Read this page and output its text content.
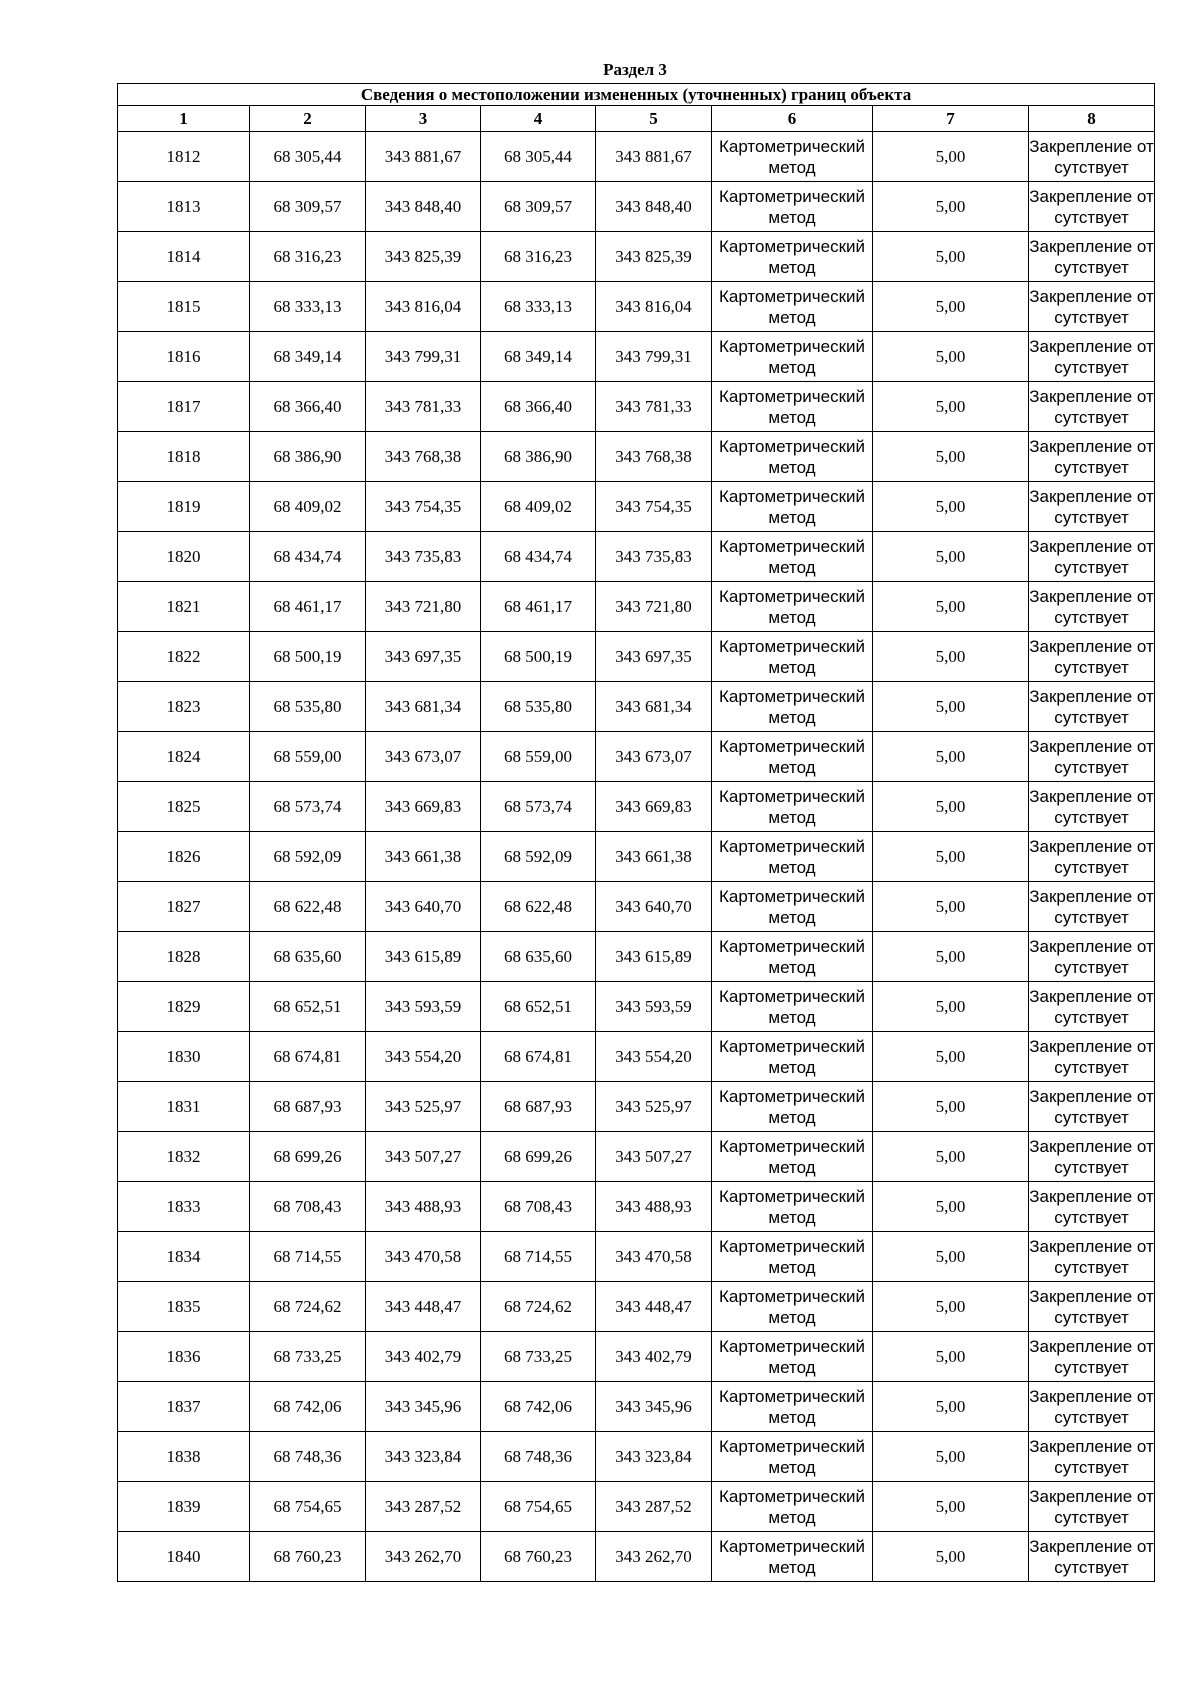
Раздел 3
Сведения о местоположении измененных (уточненных) границ объекта							
1	2	3	4	5	6	7	8
1812	68 305,44	343 881,67	68 305,44	343 881,67	Картометрический метод	5,00	Закрепление отсутствует
1813	68 309,57	343 848,40	68 309,57	343 848,40	Картометрический метод	5,00	Закрепление отсутствует
1814	68 316,23	343 825,39	68 316,23	343 825,39	Картометрический метод	5,00	Закрепление отсутствует
1815	68 333,13	343 816,04	68 333,13	343 816,04	Картометрический метод	5,00	Закрепление отсутствует
1816	68 349,14	343 799,31	68 349,14	343 799,31	Картометрический метод	5,00	Закрепление отсутствует
1817	68 366,40	343 781,33	68 366,40	343 781,33	Картометрический метод	5,00	Закрепление отсутствует
1818	68 386,90	343 768,38	68 386,90	343 768,38	Картометрический метод	5,00	Закрепление отсутствует
1819	68 409,02	343 754,35	68 409,02	343 754,35	Картометрический метод	5,00	Закрепление отсутствует
1820	68 434,74	343 735,83	68 434,74	343 735,83	Картометрический метод	5,00	Закрепление отсутствует
1821	68 461,17	343 721,80	68 461,17	343 721,80	Картометрический метод	5,00	Закрепление отсутствует
1822	68 500,19	343 697,35	68 500,19	343 697,35	Картометрический метод	5,00	Закрепление отсутствует
1823	68 535,80	343 681,34	68 535,80	343 681,34	Картометрический метод	5,00	Закрепление отсутствует
1824	68 559,00	343 673,07	68 559,00	343 673,07	Картометрический метод	5,00	Закрепление отсутствует
1825	68 573,74	343 669,83	68 573,74	343 669,83	Картометрический метод	5,00	Закрепление отсутствует
1826	68 592,09	343 661,38	68 592,09	343 661,38	Картометрический метод	5,00	Закрепление отсутствует
1827	68 622,48	343 640,70	68 622,48	343 640,70	Картометрический метод	5,00	Закрепление отсутствует
1828	68 635,60	343 615,89	68 635,60	343 615,89	Картометрический метод	5,00	Закрепление отсутствует
1829	68 652,51	343 593,59	68 652,51	343 593,59	Картометрический метод	5,00	Закрепление отсутствует
1830	68 674,81	343 554,20	68 674,81	343 554,20	Картометрический метод	5,00	Закрепление отсутствует
1831	68 687,93	343 525,97	68 687,93	343 525,97	Картометрический метод	5,00	Закрепление отсутствует
1832	68 699,26	343 507,27	68 699,26	343 507,27	Картометрический метод	5,00	Закрепление отсутствует
1833	68 708,43	343 488,93	68 708,43	343 488,93	Картометрический метод	5,00	Закрепление отсутствует
1834	68 714,55	343 470,58	68 714,55	343 470,58	Картометрический метод	5,00	Закрепление отсутствует
1835	68 724,62	343 448,47	68 724,62	343 448,47	Картометрический метод	5,00	Закрепление отсутствует
1836	68 733,25	343 402,79	68 733,25	343 402,79	Картометрический метод	5,00	Закрепление отсутствует
1837	68 742,06	343 345,96	68 742,06	343 345,96	Картометрический метод	5,00	Закрепление отсутствует
1838	68 748,36	343 323,84	68 748,36	343 323,84	Картометрический метод	5,00	Закрепление отсутствует
1839	68 754,65	343 287,52	68 754,65	343 287,52	Картометрический метод	5,00	Закрепление отсутствует
1840	68 760,23	343 262,70	68 760,23	343 262,70	Картометрический метод	5,00	Закрепление отсутствует
